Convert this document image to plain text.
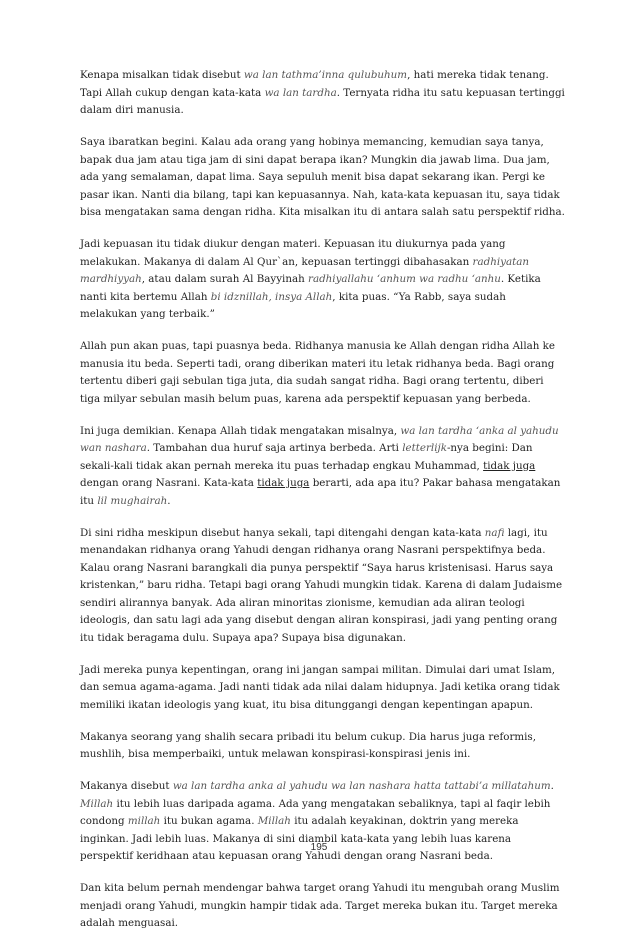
Kenapa misalkan tidak disebut wa lan tathma’inna qulubuhum, hati mereka tidak tenang. Tapi Allah cukup dengan kata-kata wa lan tardha. Ternyata ridha itu satu kepuasan tertinggi dalam diri manusia.

Saya ibaratkan begini. Kalau ada orang yang hobinya memancing, kemudian saya tanya, bapak dua jam atau tiga jam di sini dapat berapa ikan? Mungkin dia jawab lima. Dua jam, ada yang semalaman, dapat lima. Saya sepuluh menit bisa dapat sekarang ikan. Pergi ke pasar ikan. Nanti dia bilang, tapi kan kepuasannya. Nah, kata-kata kepuasan itu, saya tidak bisa mengatakan sama dengan ridha. Kita misalkan itu di antara salah satu perspektif ridha.

Jadi kepuasan itu tidak diukur dengan materi. Kepuasan itu diukurnya pada yang melakukan. Makanya di dalam Al Qur`an, kepuasan tertinggi dibahasakan radhiyatan mardhiyyah, atau dalam surah Al Bayyinah radhiyallahu ‘anhum wa radhu ‘anhu. Ketika nanti kita bertemu Allah bi idznillah, insya Allah, kita puas. “Ya Rabb, saya sudah melakukan yang terbaik.”

Allah pun akan puas, tapi puasnya beda. Ridhanya manusia ke Allah dengan ridha Allah ke manusia itu beda. Seperti tadi, orang diberikan materi itu letak ridhanya beda. Bagi orang tertentu diberi gaji sebulan tiga juta, dia sudah sangat ridha. Bagi orang tertentu, diberi tiga milyar sebulan masih belum puas, karena ada perspektif kepuasan yang berbeda.

Ini juga demikian. Kenapa Allah tidak mengatakan misalnya, wa lan tardha ‘anka al yahudu wan nashara. Tambahan dua huruf saja artinya berbeda. Arti letterlijk-nya begini: Dan sekali-kali tidak akan pernah mereka itu puas terhadap engkau Muhammad, tidak juga dengan orang Nasrani. Kata-kata tidak juga berarti, ada apa itu? Pakar bahasa mengatakan itu lil mughairah.

Di sini ridha meskipun disebut hanya sekali, tapi ditengahi dengan kata-kata nafi lagi, itu menandakan ridhanya orang Yahudi dengan ridhanya orang Nasrani perspektifnya beda. Kalau orang Nasrani barangkali dia punya perspektif “Saya harus kristenisasi. Harus saya kristenkan,” baru ridha. Tetapi bagi orang Yahudi mungkin tidak. Karena di dalam Judaisme sendiri alirannya banyak. Ada aliran minoritas zionisme, kemudian ada aliran teologi ideologis, dan satu lagi ada yang disebut dengan aliran konspirasi, jadi yang penting orang itu tidak beragama dulu. Supaya apa? Supaya bisa digunakan.

Jadi mereka punya kepentingan, orang ini jangan sampai militan. Dimulai dari umat Islam, dan semua agama-agama. Jadi nanti tidak ada nilai dalam hidupnya. Jadi ketika orang tidak memiliki ikatan ideologis yang kuat, itu bisa ditunggangi dengan kepentingan apapun.

Makanya seorang yang shalih secara pribadi itu belum cukup. Dia harus juga reformis, mushlih, bisa memperbaiki, untuk melawan konspirasi-konspirasi jenis ini.

Makanya disebut wa lan tardha anka al yahudu wa lan nashara hatta tattabi’a millatahum. Millah itu lebih luas daripada agama. Ada yang mengatakan sebaliknya, tapi al faqir lebih condong millah itu bukan agama. Millah itu adalah keyakinan, doktrin yang mereka inginkan. Jadi lebih luas. Makanya di sini diambil kata-kata yang lebih luas karena perspektif keridhaan atau kepuasan orang Yahudi dengan orang Nasrani beda.

Dan kita belum pernah mendengar bahwa target orang Yahudi itu mengubah orang Muslim menjadi orang Yahudi, mungkin hampir tidak ada. Target mereka bukan itu. Target mereka adalah menguasai.

195
